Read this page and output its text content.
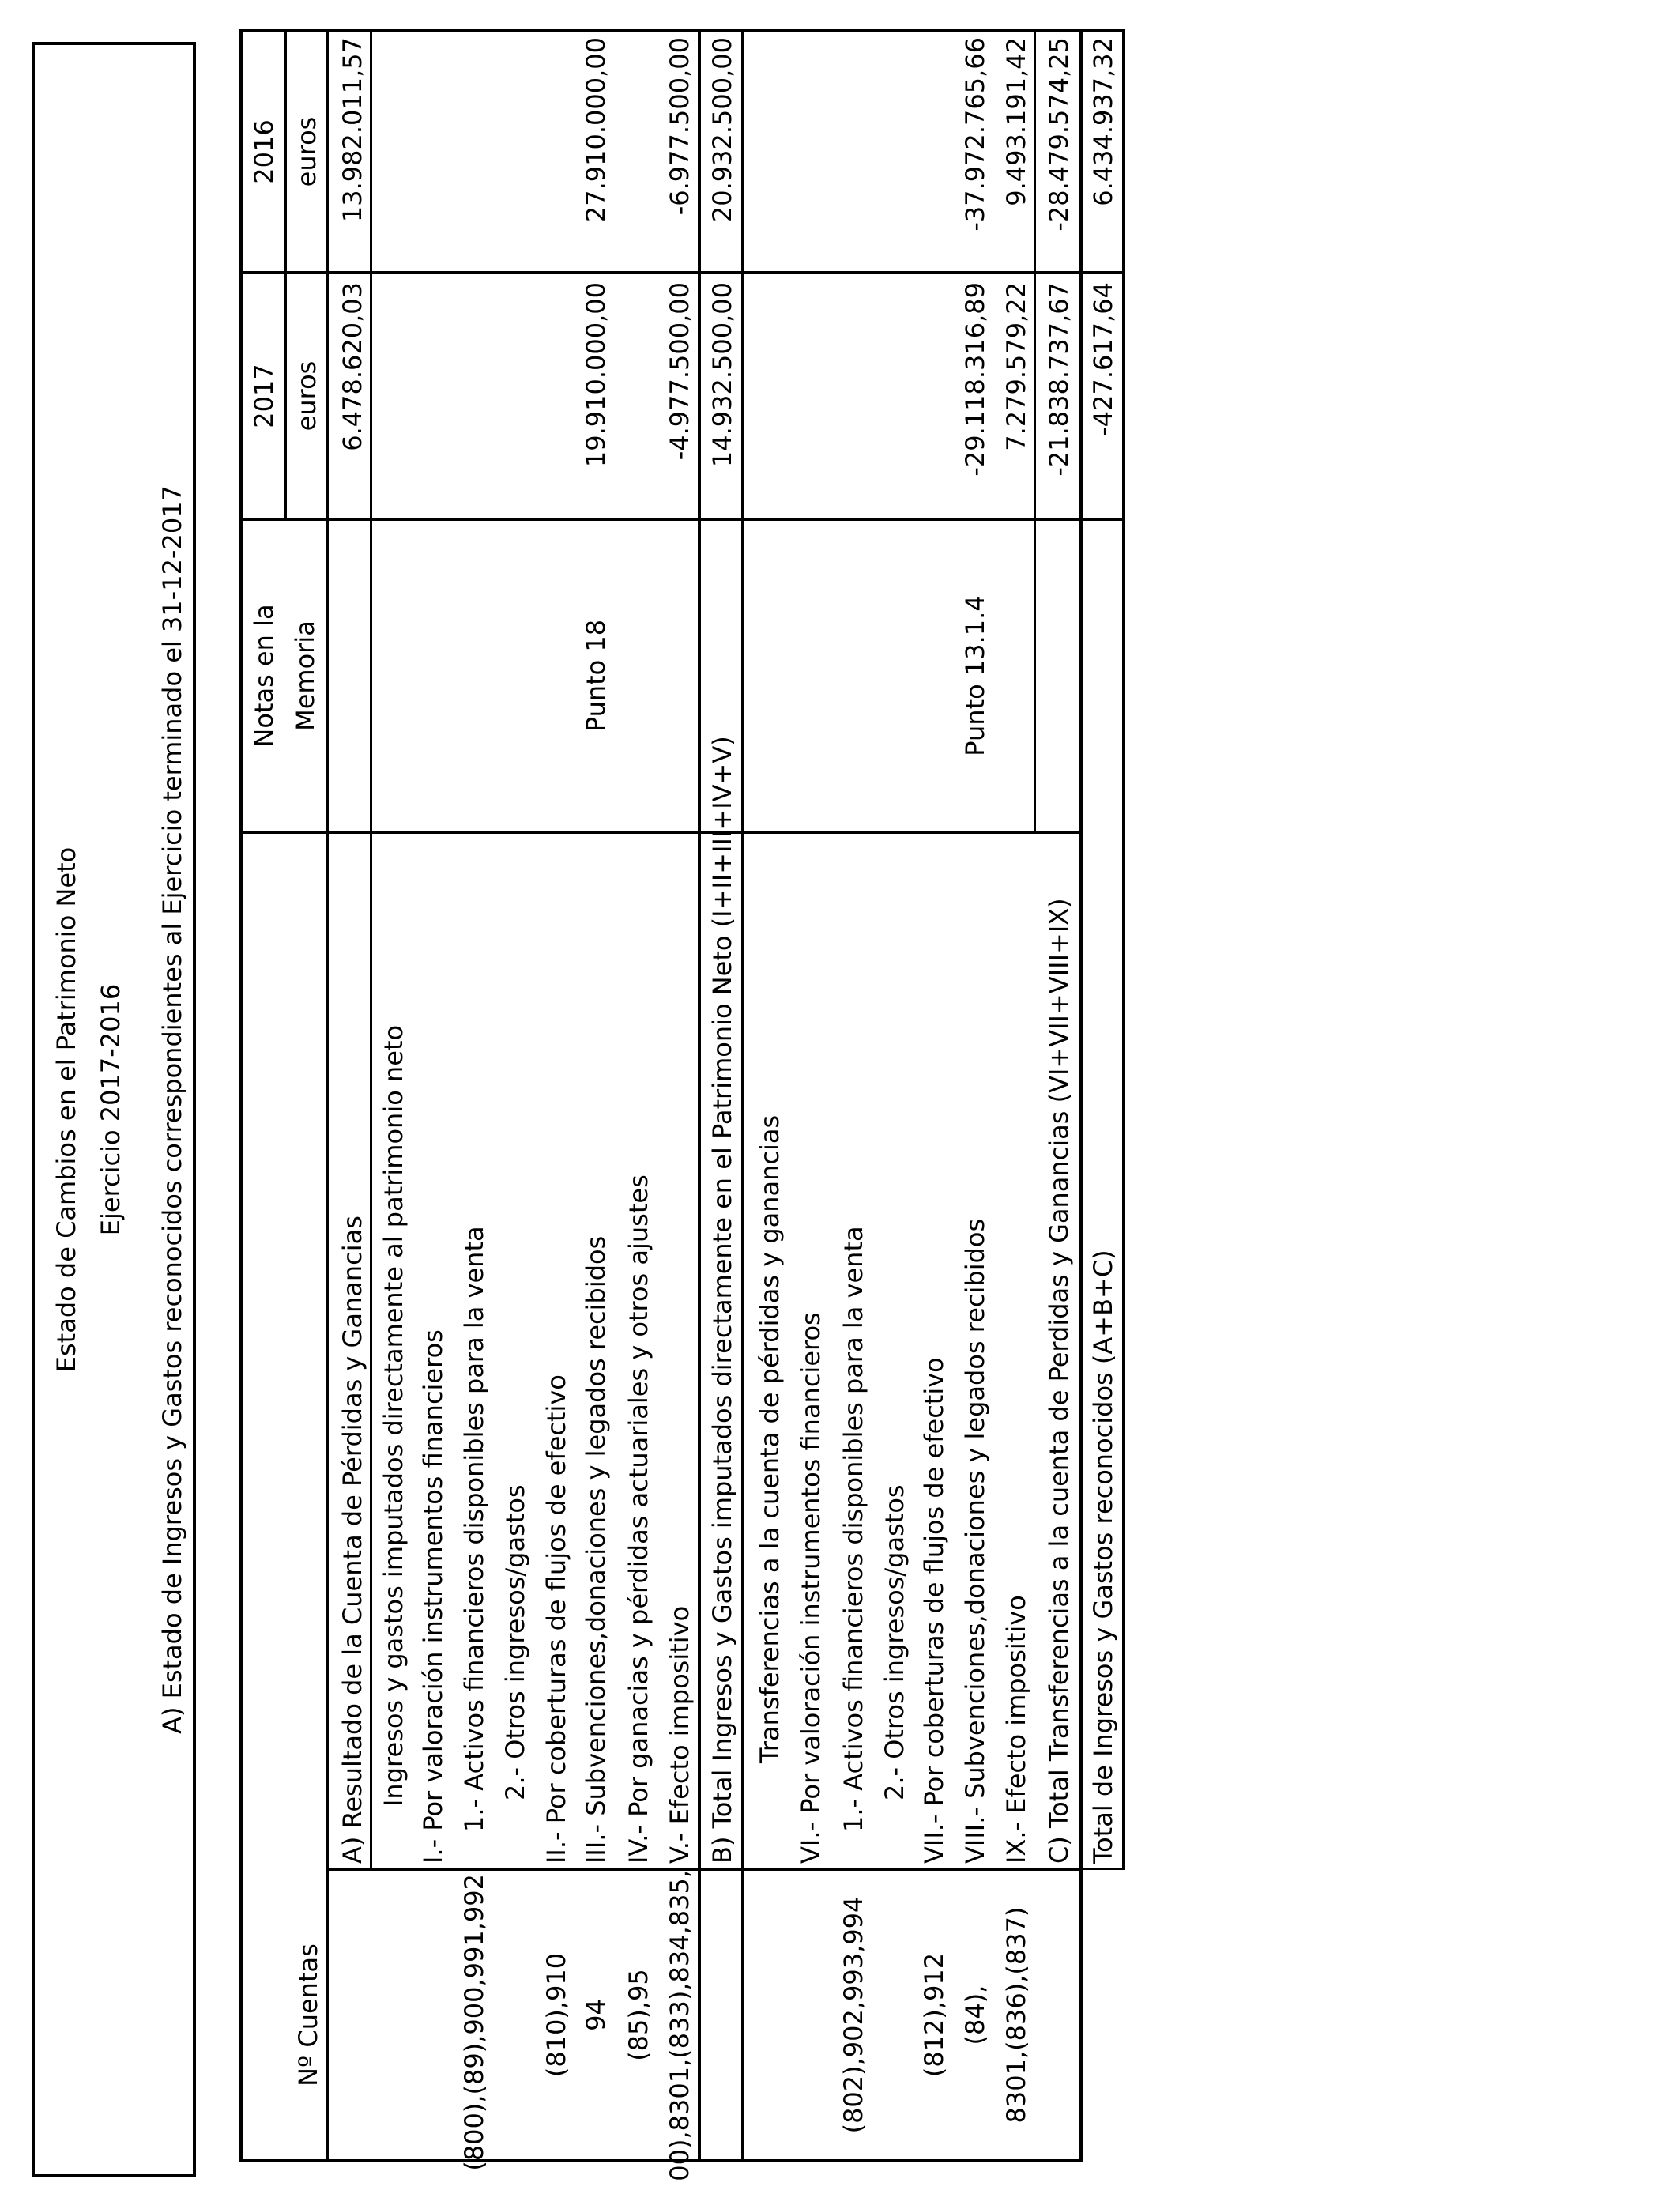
Estado de Cambios en el Patrimonio Neto Ejercicio 2017-2016 A) Estado de Ingresos y Gastos reconocidos correspondientes al Ejercicio terminado el 31-12-2017
Nº Cuentas
Notas en la Memoria
2017
2016
euros
euros
A) Resultado de la Cuenta de Pérdidas y Ganancias
6.478.620,03
13.982.011,57
Ingresos y gastos imputados directamente al patrimonio neto I.- Por valoración instrumentos financieros
(800),(89),900,991,992
1.- Activos financieros disponibles para la venta 2.- Otros ingresos/gastos
(810),910
II.- Por coberturas de flujos de efectivo
94
III.- Subvenciones,donaciones y legados recibidos
Punto 18
19.910.000,00
27.910.000,00
(85),95
IV.- Por ganacias y pérdidas actuariales y otros ajustes
00),8301,(833),834,835,
V.- Efecto impositivo
-4.977.500,00
-6.977.500,00
B) Total Ingresos y Gastos imputados directamente en el Patrimonio Neto (I+II+III+IV+V)
14.932.500,00
20.932.500,00
Transferencias a la cuenta de pérdidas y ganancias VI.- Por valoración instrumentos financieros
(802),902,993,994
1.- Activos financieros disponibles para la venta 2.- Otros ingresos/gastos
(812),912
VII.- Por coberturas de flujos de efectivo
(84),
VIII.- Subvenciones,donaciones y legados recibidos
Punto 13.1.4
-29.118.316,89
-37.972.765,66
8301,(836),(837)
IX.- Efecto impositivo
7.279.579,22
9.493.191,42
C) Total Transferencias a la cuenta de Perdidas y Ganancias (VI+VII+VIII+IX)
-21.838.737,67
-28.479.574,25
Total de Ingresos y Gastos reconocidos (A+B+C)
-427.617,64
6.434.937,32
